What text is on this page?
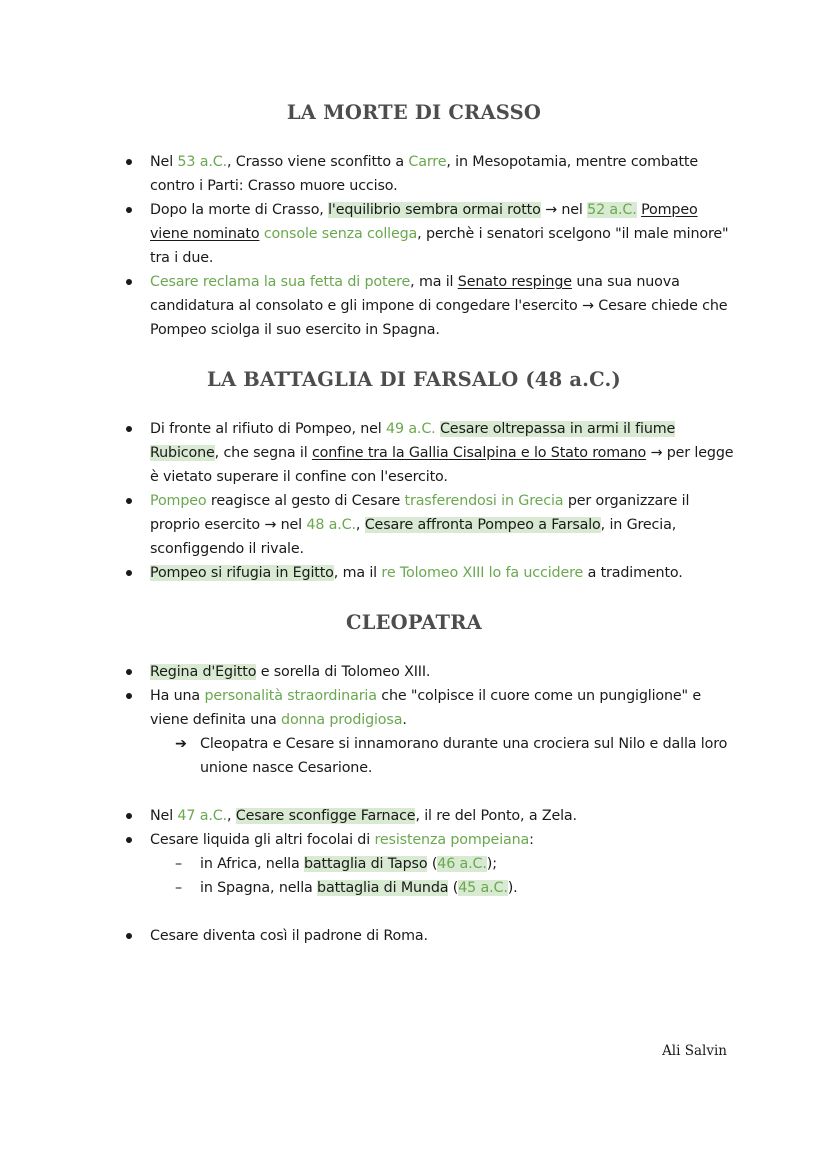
LA MORTE DI CRASSO
Nel 53 a.C., Crasso viene sconfitto a Carre, in Mesopotamia, mentre combatte contro i Parti: Crasso muore ucciso.
Dopo la morte di Crasso, l'equilibrio sembra ormai rotto → nel 52 a.C. Pompeo viene nominato console senza collega, perchè i senatori scelgono "il male minore" tra i due.
Cesare reclama la sua fetta di potere, ma il Senato respinge una sua nuova candidatura al consolato e gli impone di congedare l'esercito → Cesare chiede che Pompeo sciolga il suo esercito in Spagna.
LA BATTAGLIA DI FARSALO (48 a.C.)
Di fronte al rifiuto di Pompeo, nel 49 a.C. Cesare oltrepassa in armi il fiume Rubicone, che segna il confine tra la Gallia Cisalpina e lo Stato romano → per legge è vietato superare il confine con l'esercito.
Pompeo reagisce al gesto di Cesare trasferendosi in Grecia per organizzare il proprio esercito → nel 48 a.C., Cesare affronta Pompeo a Farsalo, in Grecia, sconfiggendo il rivale.
Pompeo si rifugia in Egitto, ma il re Tolomeo XIII lo fa uccidere a tradimento.
CLEOPATRA
Regina d'Egitto e sorella di Tolomeo XIII.
Ha una personalità straordinaria che "colpisce il cuore come un pungiglione" e viene definita una donna prodigiosa.
➔ Cleopatra e Cesare si innamorano durante una crociera sul Nilo e dalla loro unione nasce Cesarione.
Nel 47 a.C., Cesare sconfigge Farnace, il re del Ponto, a Zela.
Cesare liquida gli altri focolai di resistenza pompeiana:
– in Africa, nella battaglia di Tapso (46 a.C.);
– in Spagna, nella battaglia di Munda (45 a.C.).
Cesare diventa così il padrone di Roma.

Ali Salvin
